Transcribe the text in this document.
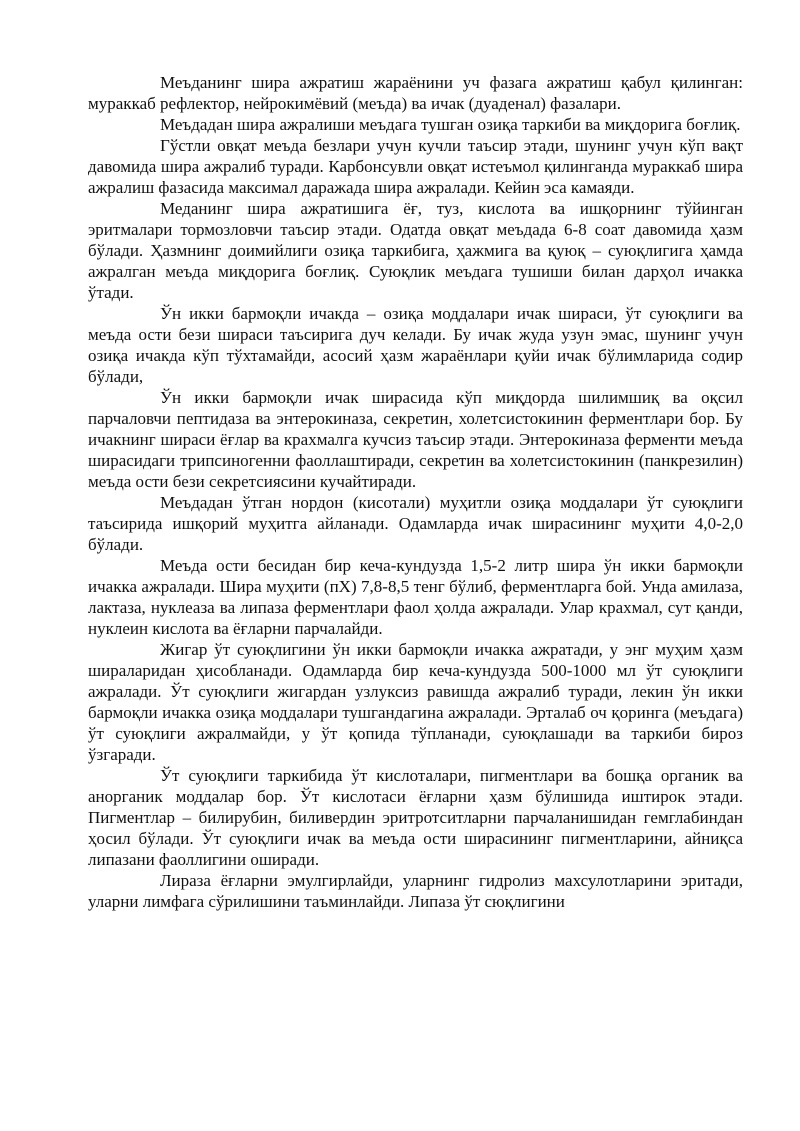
Меъданинг шира ажратиш жараёнини уч фазага ажратиш қабул қилинган: мураккаб рефлектор, нейрокимёвий (меъда) ва ичак (дуаденал) фазалари.

Меъдадан шира ажралиши меъдага тушган озиқа таркиби ва миқдорига боғлиқ.

Гўстли овқат меъда безлари учун кучли таъсир этади, шунинг учун кўп вақт давомида шира ажралиб туради. Карбонсувли овқат истеъмол қилинганда мураккаб шира ажралиш фазасида максимал даражада шира ажралади. Кейин эса камаяди.

Меданинг шира ажратишига ёғ, туз, кислота ва ишқорнинг тўйинган эритмалари тормозловчи таъсир этади. Одатда овқат меъдада 6-8 соат давомида ҳазм бўлади. Ҳазмнинг доимийлиги озиқа таркибига, ҳажмига ва қуюқ – суюқлигига ҳамда ажралган меъда миқдорига боғлиқ. Суюқлик меъдага тушиши билан дарҳол ичакка ўтади.

Ўн икки бармоқли ичакда – озиқа моддалари ичак шираси, ўт суюқлиги ва меъда ости бези шираси таъсирига дуч келади. Бу ичак жуда узун эмас, шунинг учун озиқа ичакда кўп тўхтамайди, асосий ҳазм жараёнлари қуйи ичак бўлимларида содир бўлади,

Ўн икки бармоқли ичак ширасида кўп миқдорда шилимшиқ ва оқсил парчаловчи пептидаза ва энтерокиназа, секретин, холетсистокинин ферментлари бор. Бу ичакнинг шираси ёғлар ва крахмалга кучсиз таъсир этади. Энтерокиназа ферменти меъда ширасидаги трипсиногенни фаоллаштиради, секретин ва холетсистокинин (панкрезилин) меъда ости бези секретсиясини кучайтиради.

Меъдадан ўтган нордон (кисотали) муҳитли озиқа моддалари ўт суюқлиги таъсирида ишқорий муҳитга айланади. Одамларда ичак ширасининг муҳити 4,0-2,0 бўлади.

Меъда ости бесидан бир кеча-кундузда 1,5-2 литр шира ўн икки бармоқли ичакка ажралади. Шира муҳити (пХ) 7,8-8,5 тенг бўлиб, ферментларга бой. Унда амилаза, лактаза, нуклеаза ва липаза ферментлари фаол ҳолда ажралади. Улар крахмал, сут қанди, нуклеин кислота ва ёғларни парчалайди.

Жигар ўт суюқлигини ўн икки бармоқли ичакка ажратади, у энг муҳим ҳазм шираларидан ҳисобланади. Одамларда бир кеча-кундузда 500-1000 мл ўт суюқлиги ажралади. Ўт суюқлиги жигардан узлуксиз равишда ажралиб туради, лекин ўн икки бармоқли ичакка озиқа моддалари тушгандагина ажралади. Эрталаб оч қоринга (меъдага) ўт суюқлиги ажралмайди, у ўт қопида тўпланади, суюқлашади ва таркиби бироз ўзгаради.

Ўт суюқлиги таркибида ўт кислоталари, пигментлари ва бошқа органик ва анорганик моддалар бор. Ўт кислотаси ёғларни ҳазм бўлишида иштирок этади. Пигментлар – билирубин, биливердин эритротситларни парчаланишидан гемглабиндан ҳосил бўлади. Ўт суюқлиги ичак ва меъда ости ширасининг пигментларини, айниқса липазани фаоллигини оширади.

Лираза ёғларни эмулгирлайди, уларнинг гидролиз махсулотларини эритади, уларни лимфага сўрилишини таъминлайди. Липаза ўт сюқлигини
